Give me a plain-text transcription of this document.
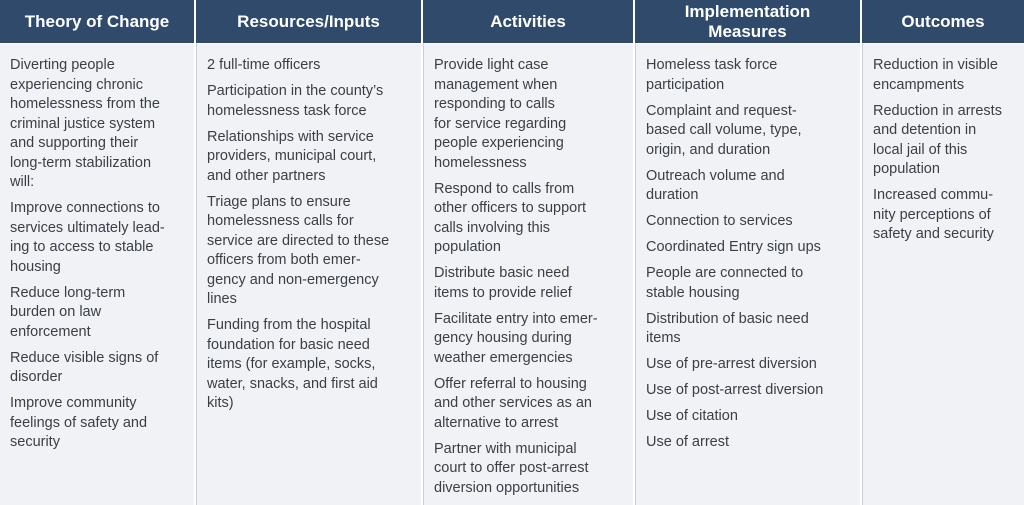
Theory of Change

Diverting people
experiencing chronic
homelessness from the
criminal justice system
and supporting their
long-term stabilization
will:

Improve connections to
services ultimately lead-
ing to access to stable
housing

Reduce long-term
burden on law
enforcement

Reduce visible signs of
disorder

Improve community
feelings of safety and
security

Resources/Inputs

2 full-time officers

Participation in the county’s
homelessness task force

Relationships with service
providers, municipal court,
and other partners

Triage plans to ensure
homelessness calls for
service are directed to these
officers from both emer-
gency and non-emergency
lines

Funding from the hospital
foundation for basic need
items (for example, socks,
water, snacks, and first aid
kits)

Activities

Provide light case
management when
responding to calls
for service regarding
people experiencing
homelessness

Respond to calls from
other officers to support
calls involving this
population

Distribute basic need
items to provide relief

Facilitate entry into emer-
gency housing during
weather emergencies

Offer referral to housing
and other services as an
alternative to arrest

Partner with municipal
court to offer post-arrest
diversion opportunities

Implementation
Measures

Homeless task force
participation

Complaint and request-
based call volume, type,
origin, and duration

Outreach volume and
duration

Connection to services

Coordinated Entry sign ups

People are connected to
stable housing

Distribution of basic need
items

Use of pre-arrest diversion

Use of post-arrest diversion

Use of citation

Use of arrest

Outcomes

Reduction in visible
encampments

Reduction in arrests
and detention in
local jail of this
population

Increased commu-
nity perceptions of
safety and security
